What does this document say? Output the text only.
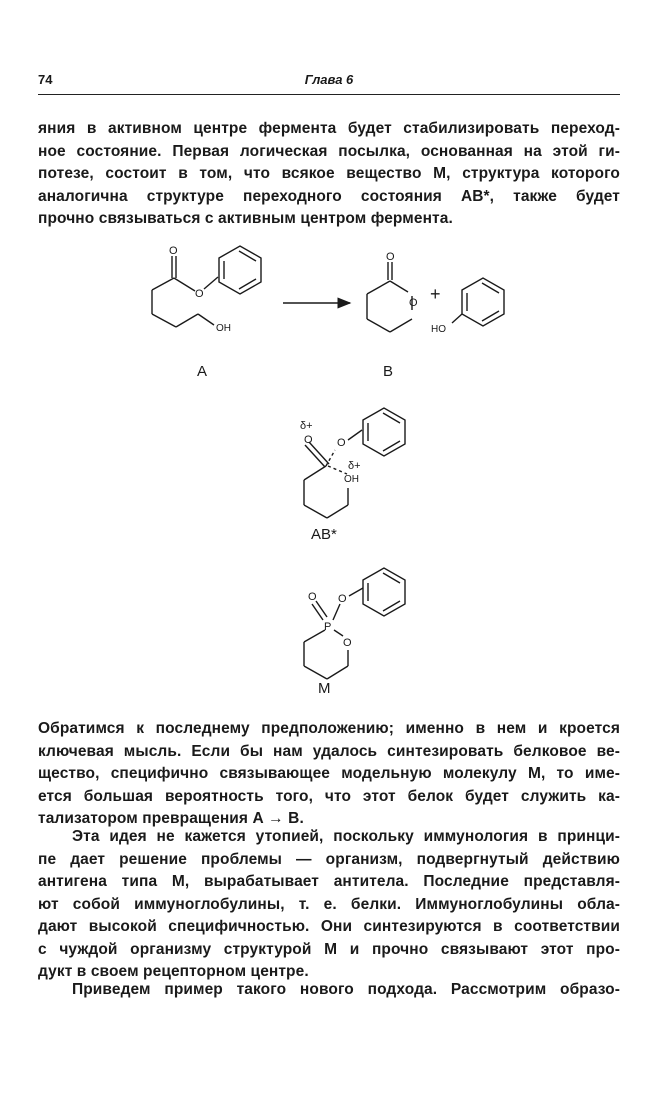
74	Глава 6
яния в активном центре фермента будет стабилизировать переход-
ное состояние. Первая логическая посылка, основанная на этой ги-
потезе, состоит в том, что всякое вещество М, структура которого
аналогична структуре переходного состояния АВ*, также будет
прочно связываться с активным центром фермента.
O
O
OH
A
O
O +
HO
B
δ+
O O
δ+
OH
AB*
O
P
O
O
M
Обратимся к последнему предположению; именно в нем и кроется
ключевая мысль. Если бы нам удалось синтезировать белковое ве-
щество, специфично связывающее модельную молекулу М, то име-
ется большая вероятность того, что этот белок будет служить ка-
тализатором превращения А → В.
Эта идея не кажется утопией, поскольку иммунология в принци-
пе дает решение проблемы — организм, подвергнутый действию
антигена типа М, вырабатывает антитела. Последние представля-
ют собой иммуноглобулины, т. е. белки. Иммуноглобулины обла-
дают высокой специфичностью. Они синтезируются в соответствии
с чуждой организму структурой М и прочно связывают этот про-
дукт в своем рецепторном центре.
Приведем пример такого нового подхода. Рассмотрим образо-
